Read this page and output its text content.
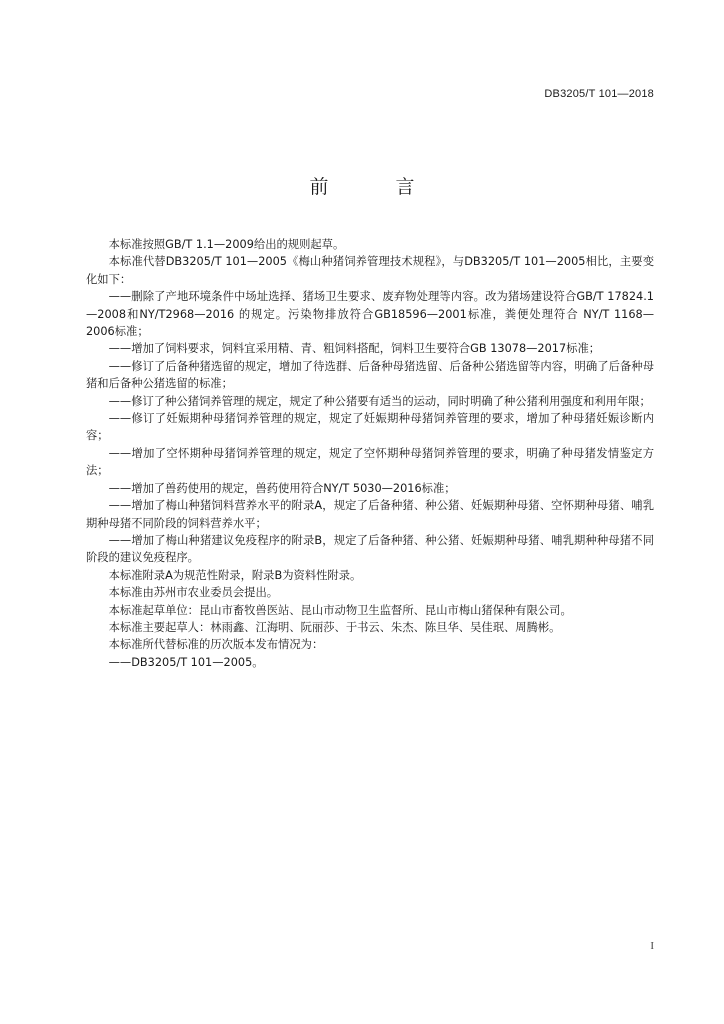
DB3205/T 101—2018
前　言

本标准按照GB/T 1.1—2009给出的规则起草。

本标准代替DB3205/T 101—2005《梅山种猪饲养管理技术规程》，与DB3205/T 101—2005相比，主要变化如下：

——删除了产地环境条件中场址选择、猪场卫生要求、废弃物处理等内容。改为猪场建设符合GB/T 17824.1—2008和NY/T2968—2016 的规定。污染物排放符合GB18596—2001标准，粪便处理符合 NY/T 1168—2006标准；

——增加了饲料要求，饲料宜采用精、青、粗饲料搭配，饲料卫生要符合GB 13078—2017标准；

——修订了后备种猪选留的规定，增加了待选群、后备种母猪选留、后备种公猪选留等内容，明确了后备种母猪和后备种公猪选留的标准；

——修订了种公猪饲养管理的规定，规定了种公猪要有适当的运动，同时明确了种公猪利用强度和利用年限；

——修订了妊娠期种母猪饲养管理的规定，规定了妊娠期种母猪饲养管理的要求，增加了种母猪妊娠诊断内容；

——增加了空怀期种母猪饲养管理的规定，规定了空怀期种母猪饲养管理的要求，明确了种母猪发情鉴定方法；

——增加了兽药使用的规定，兽药使用符合NY/T 5030—2016标准；

——增加了梅山种猪饲料营养水平的附录A，规定了后备种猪、种公猪、妊娠期种母猪、空怀期种母猪、哺乳期种母猪不同阶段的饲料营养水平；

——增加了梅山种猪建议免疫程序的附录B，规定了后备种猪、种公猪、妊娠期种母猪、哺乳期种种母猪不同阶段的建议免疫程序。

本标准附录A为规范性附录，附录B为资料性附录。

本标准由苏州市农业委员会提出。

本标准起草单位：昆山市畜牧兽医站、昆山市动物卫生监督所、昆山市梅山猪保种有限公司。

本标准主要起草人：林雨鑫、江海明、阮丽莎、于书云、朱杰、陈旦华、吴佳珉、周腾彬。

本标准所代替标准的历次版本发布情况为：

——DB3205/T 101—2005。

I
